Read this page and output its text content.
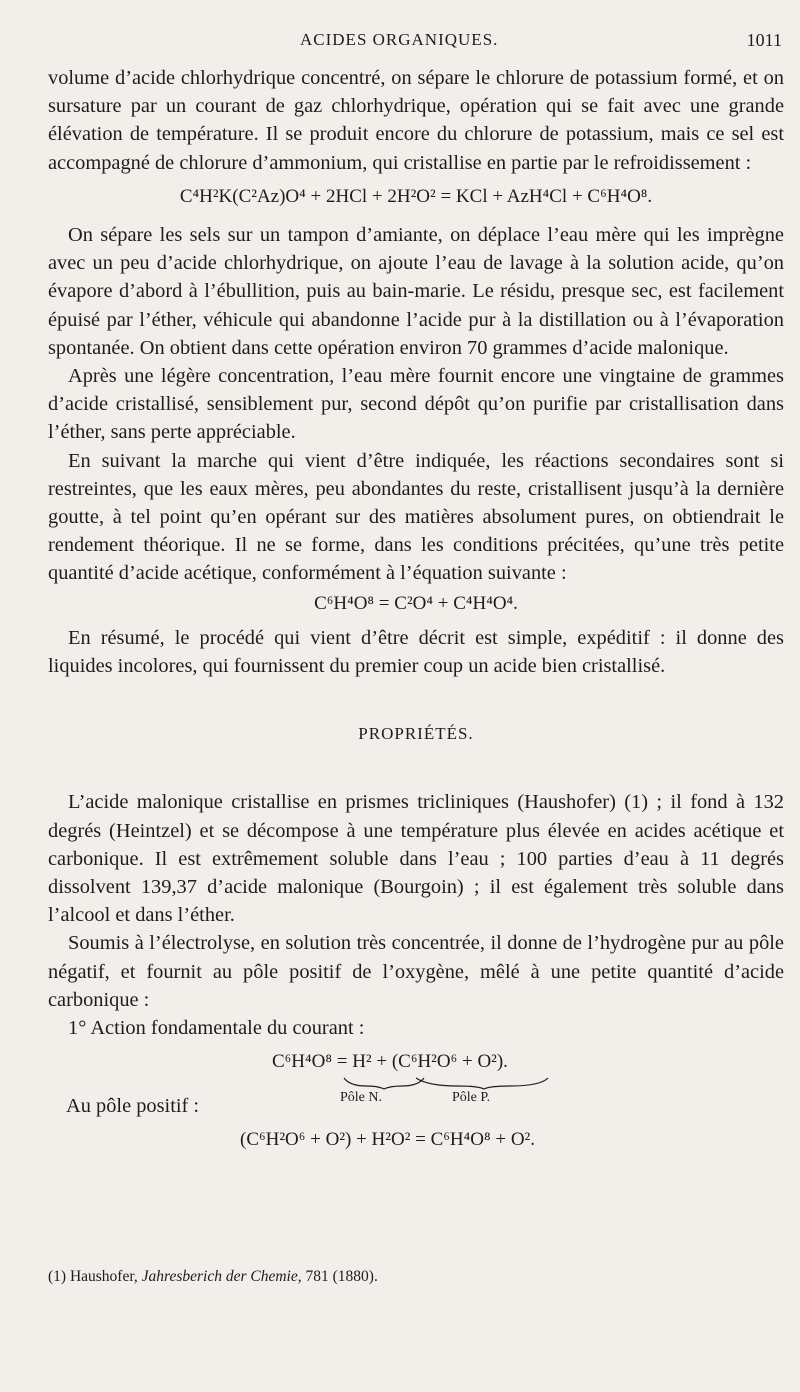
ACIDES ORGANIQUES.	1011

volume d’acide chlorhydrique concentré, on sépare le chlorure de potassium formé, et on sursature par un courant de gaz chlorhydrique, opération qui se fait avec une grande élévation de température. Il se produit encore du chlorure de potassium, mais ce sel est accompagné de chlorure d’ammonium, qui cristallise en partie par le refroidissement :

C⁴H²K(C²Az)O⁴ + 2HCl + 2H²O² = KCl + AzH⁴Cl + C⁶H⁴O⁸.

On sépare les sels sur un tampon d’amiante, on déplace l’eau mère qui les imprègne avec un peu d’acide chlorhydrique, on ajoute l’eau de lavage à la solution acide, qu’on évapore d’abord à l’ébullition, puis au bain-marie. Le résidu, presque sec, est facilement épuisé par l’éther, véhicule qui abandonne l’acide pur à la distillation ou à l’évaporation spontanée. On obtient dans cette opération environ 70 grammes d’acide malonique.

Après une légère concentration, l’eau mère fournit encore une vingtaine de grammes d’acide cristallisé, sensiblement pur, second dépôt qu’on purifie par cristallisation dans l’éther, sans perte appréciable.

En suivant la marche qui vient d’être indiquée, les réactions secondaires sont si restreintes, que les eaux mères, peu abondantes du reste, cristallisent jusqu’à la dernière goutte, à tel point qu’en opérant sur des matières absolument pures, on obtiendrait le rendement théorique. Il ne se forme, dans les conditions précitées, qu’une très petite quantité d’acide acétique, conformément à l’équation suivante :

C⁶H⁴O⁸ = C²O⁴ + C⁴H⁴O⁴.

En résumé, le procédé qui vient d’être décrit est simple, expéditif : il donne des liquides incolores, qui fournissent du premier coup un acide bien cristallisé.

PROPRIÉTÉS.

L’acide malonique cristallise en prismes tricliniques (Haushofer) (1) ; il fond à 132 degrés (Heintzel) et se décompose à une température plus élevée en acides acétique et carbonique. Il est extrêmement soluble dans l’eau ; 100 parties d’eau à 11 degrés dissolvent 139,37 d’acide malonique (Bourgoin) ; il est également très soluble dans l’alcool et dans l’éther.

Soumis à l’électrolyse, en solution très concentrée, il donne de l’hydrogène pur au pôle négatif, et fournit au pôle positif de l’oxygène, mêlé à une petite quantité d’acide carbonique :

1° Action fondamentale du courant :

C⁶H⁴O⁸ = H² + (C⁶H²O⁶ + O²).
Pôle N.	Pôle P.
Au pôle positif :
(C⁶H²O⁶ + O²) + H²O² = C⁶H⁴O⁸ + O².
(1) Haushofer, Jahresberich der Chemie, 781 (1880).
